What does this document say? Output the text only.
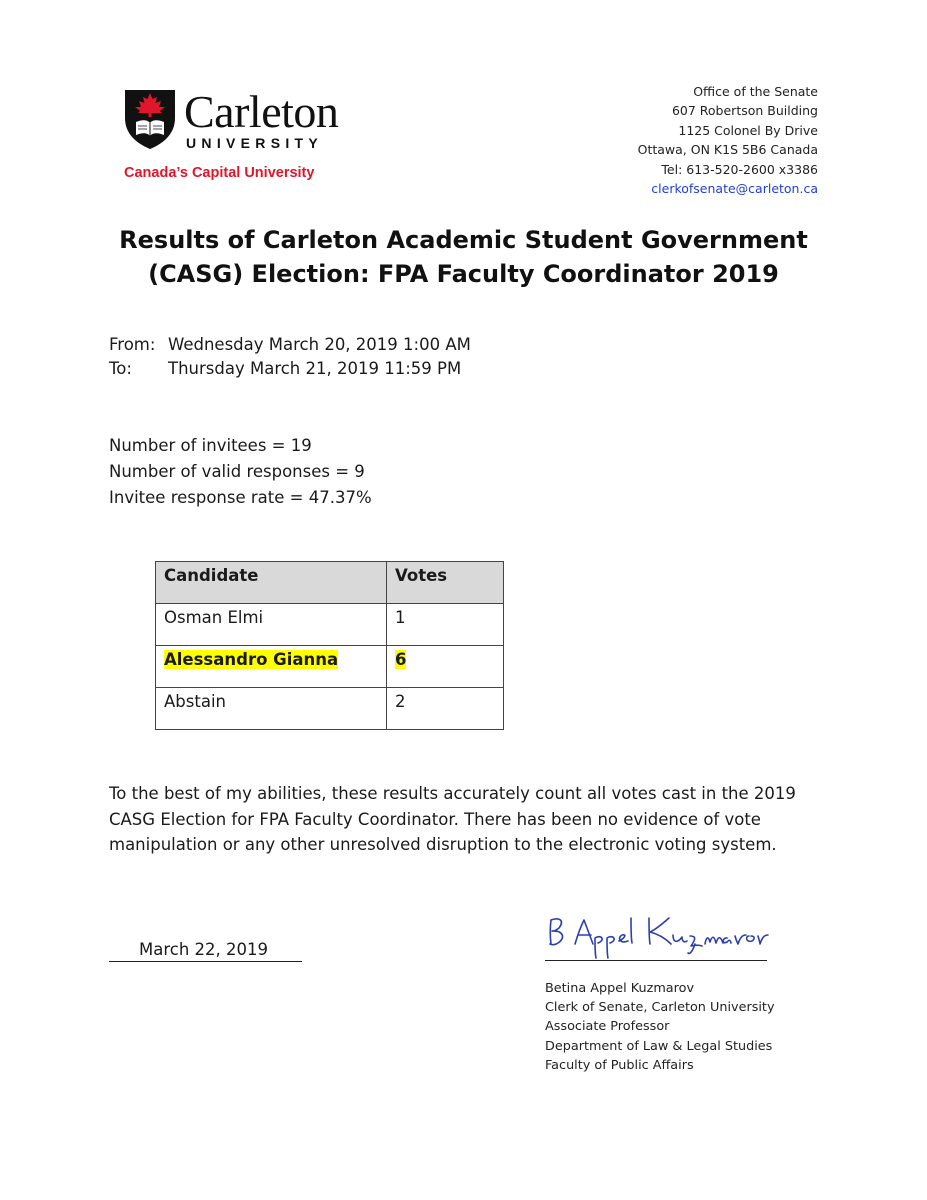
Carleton
UNIVERSITY
Canada’s Capital University
Office of the Senate
607 Robertson Building
1125 Colonel By Drive
Ottawa, ON K1S 5B6 Canada
Tel: 613-520-2600 x3386
clerkofsenate@carleton.ca
Results of Carleton Academic Student Government
(CASG) Election: FPA Faculty Coordinator 2019
From: Wednesday March 20, 2019 1:00 AM
To:	Thursday March 21, 2019 11:59 PM
Number of invitees = 19
Number of valid responses = 9
Invitee response rate = 47.37%
Candidate	Votes
Osman Elmi	1
Alessandro Gianna	6
Abstain	2
To the best of my abilities, these results accurately count all votes cast in the 2019 CASG Election for FPA Faculty Coordinator. There has been no evidence of vote manipulation or any other unresolved disruption to the electronic voting system.
March 22, 2019
Betina Appel Kuzmarov
Clerk of Senate, Carleton University
Associate Professor
Department of Law & Legal Studies
Faculty of Public Affairs
